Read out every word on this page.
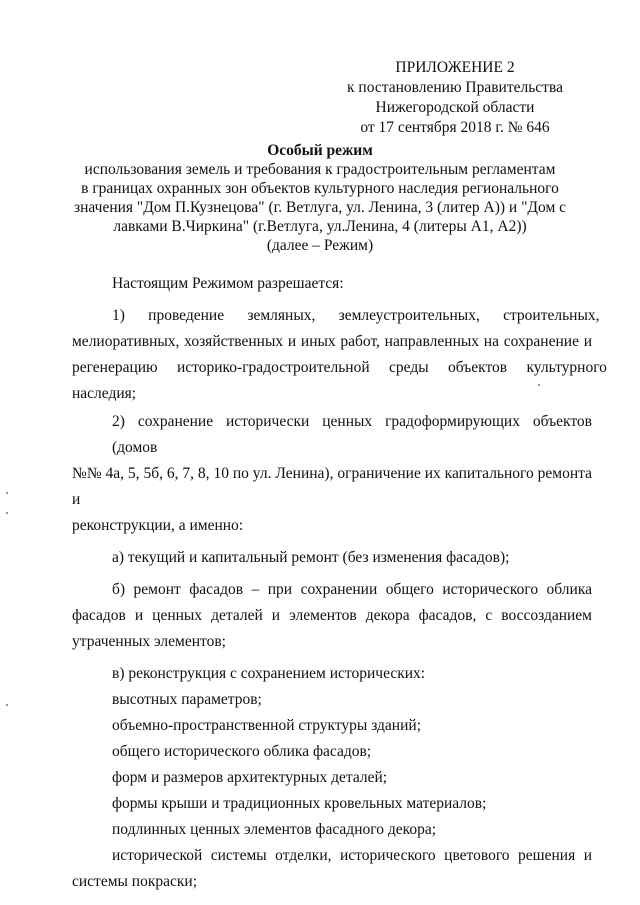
ПРИЛОЖЕНИЕ 2
к постановлению Правительства
Нижегородской области
от 17 сентября 2018 г. № 646
Особый режим
использования земель и требования к градостроительным регламентам
в границах охранных зон объектов культурного наследия регионального
значения "Дом П.Кузнецова" (г. Ветлуга, ул. Ленина, 3 (литер А)) и "Дом с
лавками В.Чиркина" (г.Ветлуга, ул.Ленина, 4 (литеры А1, А2))
(далее – Режим)
Настоящим Режимом разрешается:
1)      проведение      земляных,      землеустроительных,      строительных,
мелиоративных, хозяйственных и иных работ, направленных на сохранение и
регенерацию     историко-градостроительной     среды     объектов     культурного
наследия;
2) сохранение исторически ценных градоформирующих объектов (домов
№№ 4а, 5, 5б, 6, 7, 8, 10 по ул. Ленина), ограничение их капитального ремонта и
реконструкции, а именно:
а) текущий и капитальный ремонт (без изменения фасадов);
б)  ремонт  фасадов  –  при  сохранении  общего  исторического  облика
фасадов  и  ценных  деталей  и  элементов  декора  фасадов,  с  воссозданием
утраченных элементов;
в) реконструкция с сохранением исторических:
высотных параметров;
объемно-пространственной структуры зданий;
общего исторического облика фасадов;
форм и размеров архитектурных деталей;
формы крыши и традиционных кровельных материалов;
подлинных ценных элементов фасадного декора;
исторической системы отделки, исторического цветового решения и
системы покраски;
